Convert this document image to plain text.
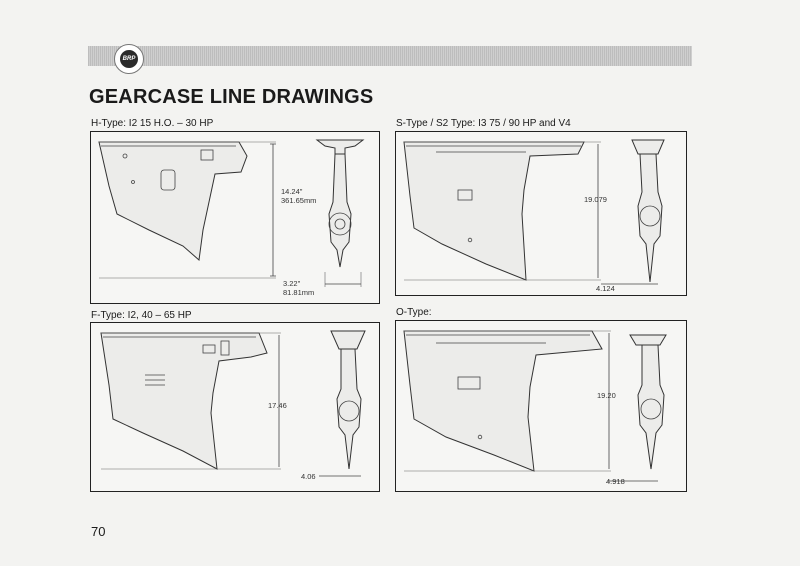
BRP
GEARCASE LINE DRAWINGS
H-Type: I2 15 H.O. – 30 HP
14.24"
361.65mm
3.22"
81.81mm
S-Type / S2 Type: I3 75 / 90 HP and V4
19.079
4.124
F-Type: I2, 40 – 65 HP
17.46
4.06
O-Type:
19.20
4.918
70
